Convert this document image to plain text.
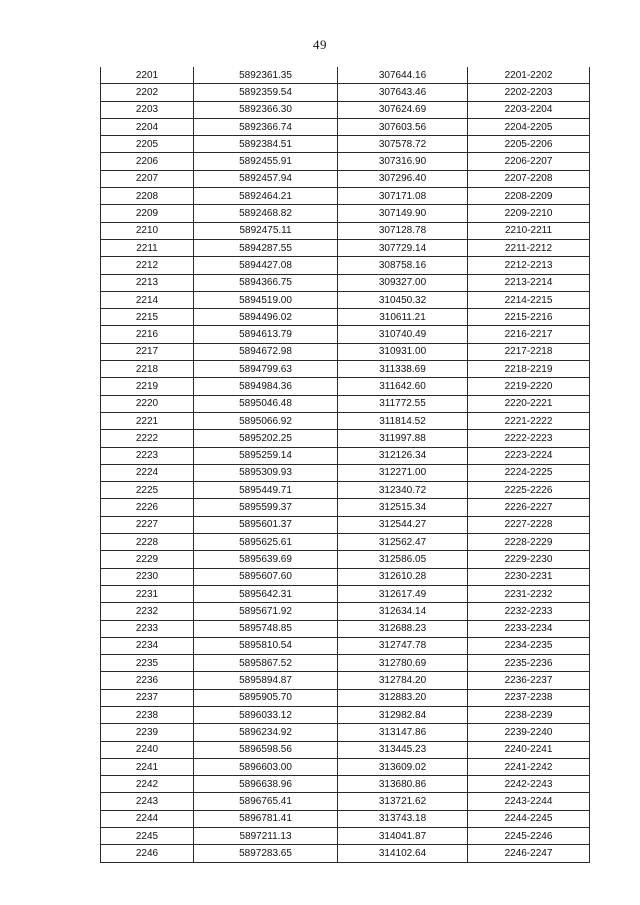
49
2201	5892361.35	307644.16	2201-2202
2202	5892359.54	307643.46	2202-2203
2203	5892366.30	307624.69	2203-2204
2204	5892366.74	307603.56	2204-2205
2205	5892384.51	307578.72	2205-2206
2206	5892455.91	307316.90	2206-2207
2207	5892457.94	307296.40	2207-2208
2208	5892464.21	307171.08	2208-2209
2209	5892468.82	307149.90	2209-2210
2210	5892475.11	307128.78	2210-2211
2211	5894287.55	307729.14	2211-2212
2212	5894427.08	308758.16	2212-2213
2213	5894366.75	309327.00	2213-2214
2214	5894519.00	310450.32	2214-2215
2215	5894496.02	310611.21	2215-2216
2216	5894613.79	310740.49	2216-2217
2217	5894672.98	310931.00	2217-2218
2218	5894799.63	311338.69	2218-2219
2219	5894984.36	311642.60	2219-2220
2220	5895046.48	311772.55	2220-2221
2221	5895066.92	311814.52	2221-2222
2222	5895202.25	311997.88	2222-2223
2223	5895259.14	312126.34	2223-2224
2224	5895309.93	312271.00	2224-2225
2225	5895449.71	312340.72	2225-2226
2226	5895599.37	312515.34	2226-2227
2227	5895601.37	312544.27	2227-2228
2228	5895625.61	312562.47	2228-2229
2229	5895639.69	312586.05	2229-2230
2230	5895607.60	312610.28	2230-2231
2231	5895642.31	312617.49	2231-2232
2232	5895671.92	312634.14	2232-2233
2233	5895748.85	312688.23	2233-2234
2234	5895810.54	312747.78	2234-2235
2235	5895867.52	312780.69	2235-2236
2236	5895894.87	312784.20	2236-2237
2237	5895905.70	312883.20	2237-2238
2238	5896033.12	312982.84	2238-2239
2239	5896234.92	313147.86	2239-2240
2240	5896598.56	313445.23	2240-2241
2241	5896603.00	313609.02	2241-2242
2242	5896638.96	313680.86	2242-2243
2243	5896765.41	313721.62	2243-2244
2244	5896781.41	313743.18	2244-2245
2245	5897211.13	314041.87	2245-2246
2246	5897283.65	314102.64	2246-2247
